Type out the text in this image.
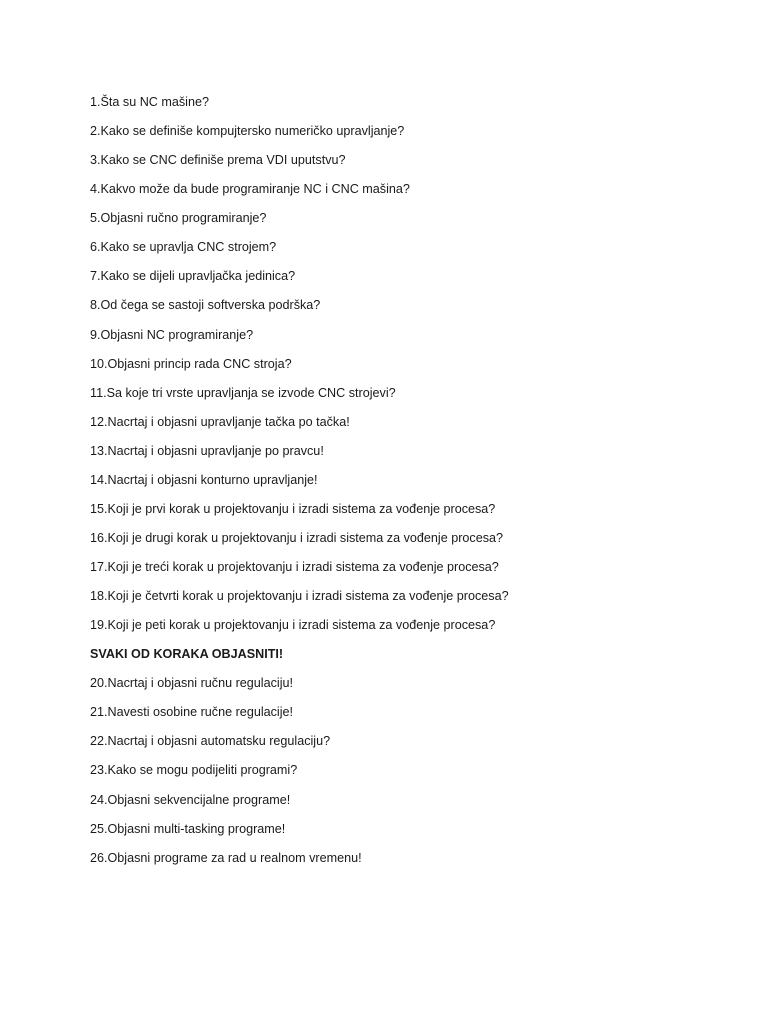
1.Šta su NC mašine?
2.Kako se definiše kompujtersko numeričko upravljanje?
3.Kako se CNC definiše prema VDI uputstvu?
4.Kakvo može da bude programiranje NC i CNC mašina?
5.Objasni ručno programiranje?
6.Kako se upravlja CNC strojem?
7.Kako se dijeli upravljačka jedinica?
8.Od čega se sastoji softverska podrška?
9.Objasni NC programiranje?
10.Objasni princip rada CNC stroja?
11.Sa koje tri vrste upravljanja se izvode CNC strojevi?
12.Nacrtaj i objasni upravljanje tačka po tačka!
13.Nacrtaj i objasni upravljanje po pravcu!
14.Nacrtaj i objasni konturno upravljanje!
15.Koji je prvi korak u projektovanju i izradi sistema za vođenje procesa?
16.Koji je drugi korak u projektovanju i izradi sistema za vođenje procesa?
17.Koji je treći korak u projektovanju i izradi sistema za vođenje procesa?
18.Koji je četvrti korak u projektovanju i izradi sistema za vođenje procesa?
19.Koji je peti korak u projektovanju i izradi sistema za vođenje procesa?
SVAKI OD KORAKA OBJASNITI!
20.Nacrtaj i objasni ručnu regulaciju!
21.Navesti osobine ručne regulacije!
22.Nacrtaj i objasni automatsku regulaciju?
23.Kako se mogu podijeliti programi?
24.Objasni sekvencijalne programe!
25.Objasni multi-tasking programe!
26.Objasni programe za rad u realnom vremenu!
